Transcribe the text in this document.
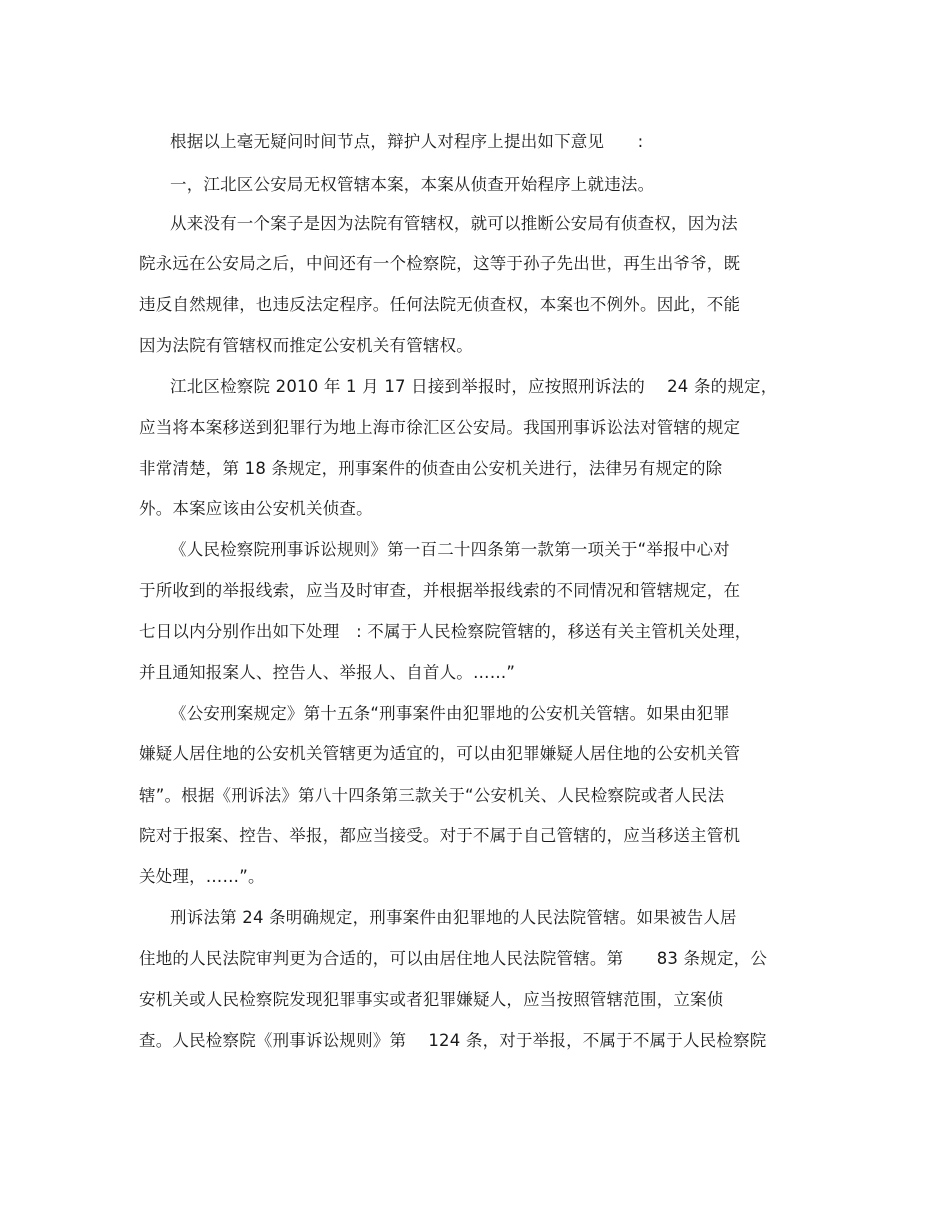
根据以上毫无疑问时间节点，辩护人对程序上提出如下意见　　:
一，江北区公安局无权管辖本案，本案从侦查开始程序上就违法。
从来没有一个案子是因为法院有管辖权，就可以推断公安局有侦查权，因为法
院永远在公安局之后，中间还有一个检察院，这等于孙子先出世，再生出爷爷，既
违反自然规律，也违反法定程序。任何法院无侦查权，本案也不例外。因此，不能
因为法院有管辖权而推定公安机关有管辖权。
江北区检察院 2010 年 1 月 17 日接到举报时，应按照刑诉法的　 24 条的规定，
应当将本案移送到犯罪行为地上海市徐汇区公安局。我国刑事诉讼法对管辖的规定
非常清楚，第 18 条规定，刑事案件的侦查由公安机关进行，法律另有规定的除
外。本案应该由公安机关侦查。
《人民检察院刑事诉讼规则》第一百二十四条第一款第一项关于“举报中心对
于所收到的举报线索，应当及时审查，并根据举报线索的不同情况和管辖规定，在
七日以内分别作出如下处理　: 不属于人民检察院管辖的，移送有关主管机关处理，
并且通知报案人、控告人、举报人、自首人。……”
《公安刑案规定》第十五条“刑事案件由犯罪地的公安机关管辖。如果由犯罪
嫌疑人居住地的公安机关管辖更为适宜的，可以由犯罪嫌疑人居住地的公安机关管
辖”。根据《刑诉法》第八十四条第三款关于“公安机关、人民检察院或者人民法
院对于报案、控告、举报，都应当接受。对于不属于自己管辖的，应当移送主管机
关处理，……”。
刑诉法第 24 条明确规定，刑事案件由犯罪地的人民法院管辖。如果被告人居
住地的人民法院审判更为合适的，可以由居住地人民法院管辖。第　　83 条规定，公
安机关或人民检察院发现犯罪事实或者犯罪嫌疑人，应当按照管辖范围，立案侦
查。人民检察院《刑事诉讼规则》第　 124 条，对于举报，不属于不属于人民检察院
